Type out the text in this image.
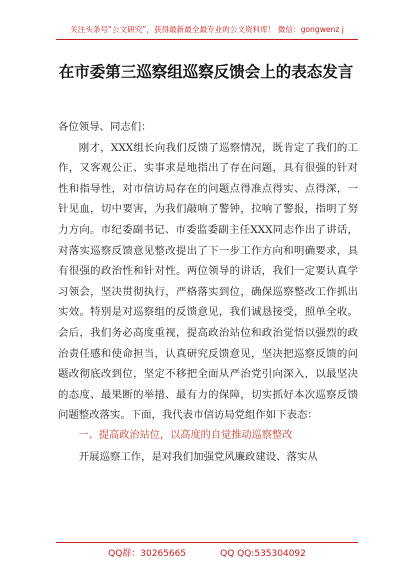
关注头条号“公文研究”，获得最新最全最专业的公文资料库！ 微信：gongwenz j
在市委第三巡察组巡察反馈会上的表态发言

各位领导、同志们：

刚才，XXX组长向我们反馈了巡察情况，既肯定了我们的工作，又客观公正、实事求是地指出了存在问题，具有很强的针对性和指导性，对市信访局存在的问题点得准点得实、点得深，一针见血，切中要害，为我们敲响了警钟，拉响了警报，指明了努力方向。市纪委副书记、市委监委副主任XXX同志作出了讲话，对落实巡察反馈意见整改提出了下一步工作方向和明确要求，具有很强的政治性和针对性。两位领导的讲话，我们一定要认真学习领会，坚决贯彻执行，严格落实到位，确保巡察整改工作抓出实效。特别是对巡察组的反馈意见，我们诚恳接受，照单全收。会后，我们务必高度重视，提高政治站位和政治觉悟以强烈的政治责任感和使命担当，认真研究反馈意见，坚决把巡察反馈的问题改彻底改到位，坚定不移把全面从严治党引向深入，以最坚决的态度、最果断的举措、最有力的保障，切实抓好本次巡察反馈问题整改落实。下面，我代表市信访局党组作如下表态：

一、提高政治站位，以高度的自觉推动巡察整改

开展巡察工作，是对我们加强党风廉政建设、落实从

QQ群：30265665	QQ QQ:535304092
